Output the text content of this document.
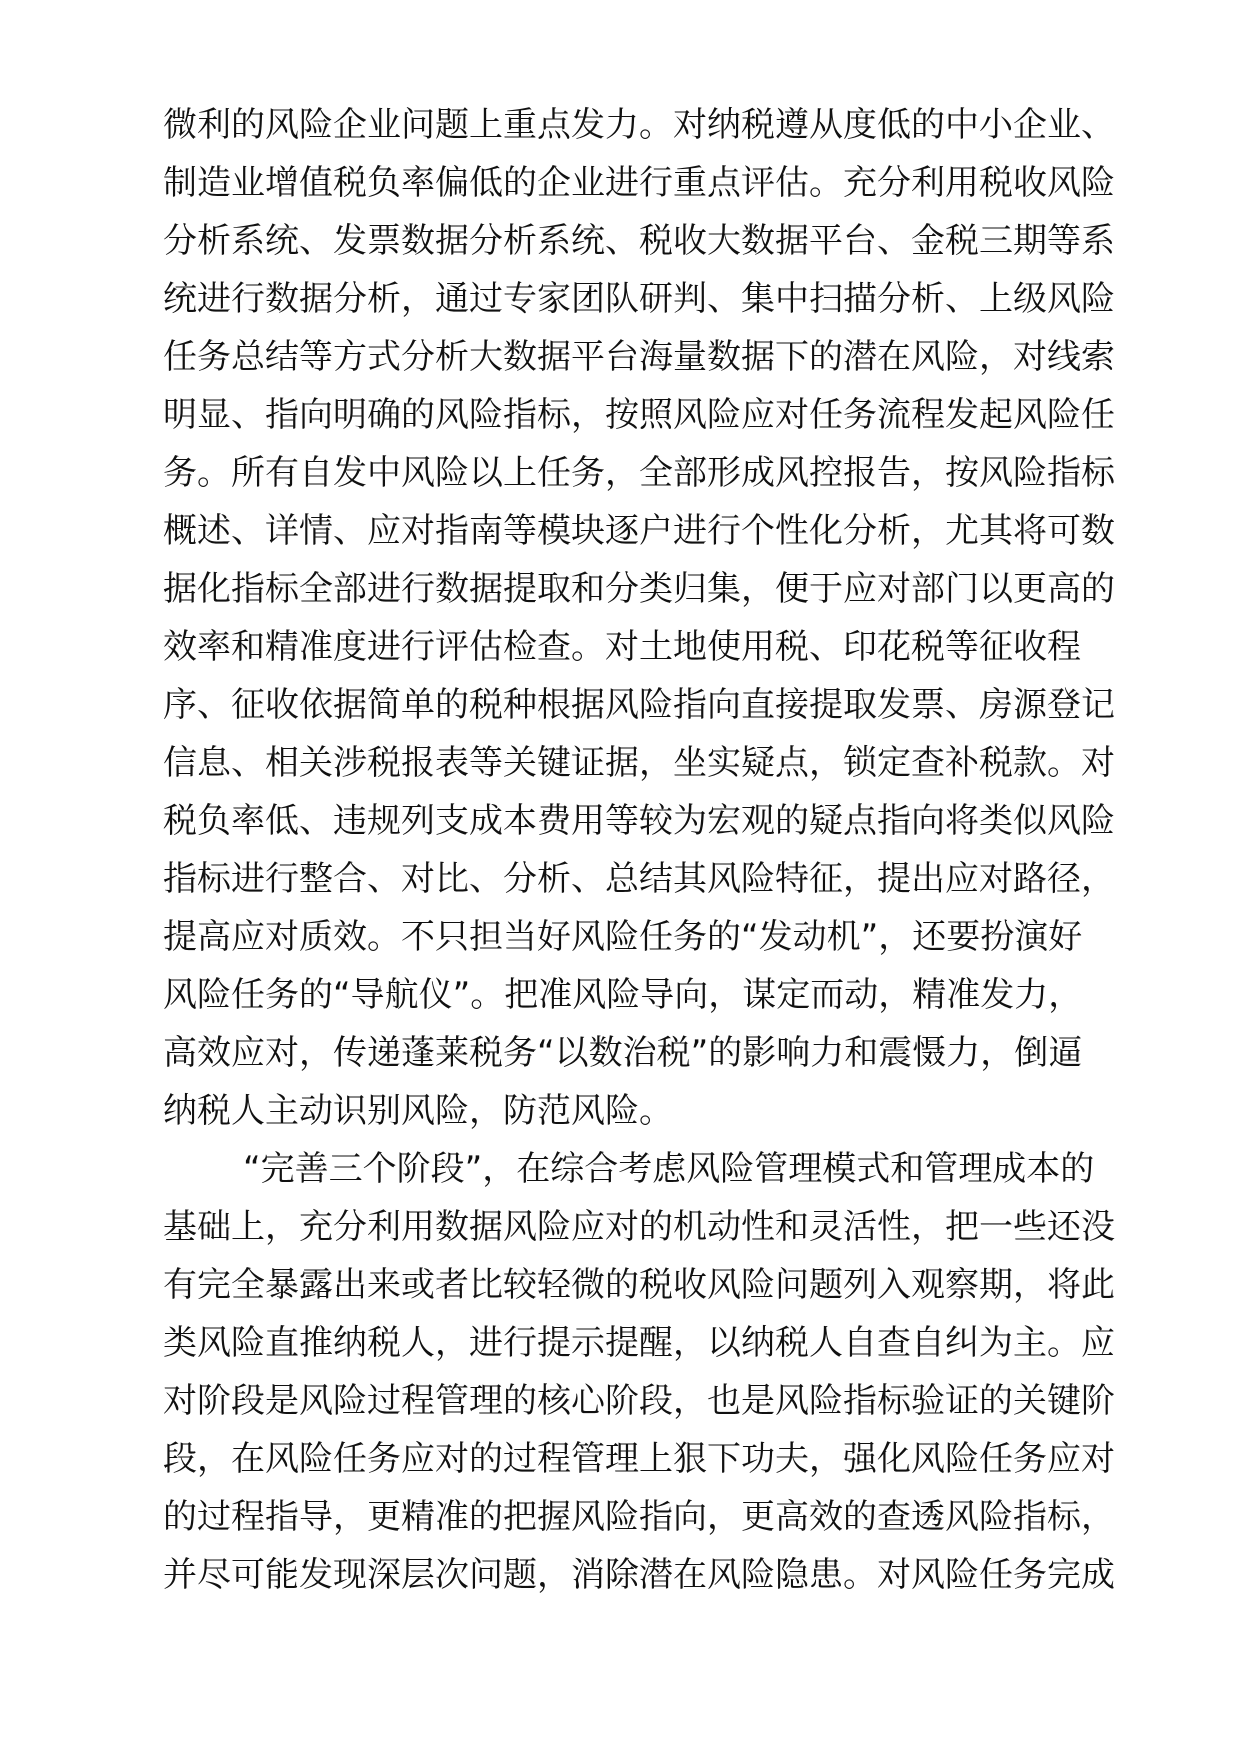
微利的风险企业问题上重点发力。对纳税遵从度低的中小企业、
制造业增值税负率偏低的企业进行重点评估。充分利用税收风险
分析系统、发票数据分析系统、税收大数据平台、金税三期等系
统进行数据分析，通过专家团队研判、集中扫描分析、上级风险
任务总结等方式分析大数据平台海量数据下的潜在风险，对线索
明显、指向明确的风险指标，按照风险应对任务流程发起风险任
务。所有自发中风险以上任务，全部形成风控报告，按风险指标
概述、详情、应对指南等模块逐户进行个性化分析，尤其将可数
据化指标全部进行数据提取和分类归集，便于应对部门以更高的
效率和精准度进行评估检查。对土地使用税、印花税等征收程
序、征收依据简单的税种根据风险指向直接提取发票、房源登记
信息、相关涉税报表等关键证据，坐实疑点，锁定查补税款。对
税负率低、违规列支成本费用等较为宏观的疑点指向将类似风险
指标进行整合、对比、分析、总结其风险特征，提出应对路径，
提高应对质效。不只担当好风险任务的“发动机”，还要扮演好
风险任务的“导航仪”。把准风险导向，谋定而动，精准发力，
高效应对，传递蓬莱税务“以数治税”的影响力和震慑力，倒逼
纳税人主动识别风险，防范风险。
“完善三个阶段”，在综合考虑风险管理模式和管理成本的
基础上，充分利用数据风险应对的机动性和灵活性，把一些还没
有完全暴露出来或者比较轻微的税收风险问题列入观察期，将此
类风险直推纳税人，进行提示提醒，以纳税人自查自纠为主。应
对阶段是风险过程管理的核心阶段，也是风险指标验证的关键阶
段，在风险任务应对的过程管理上狠下功夫，强化风险任务应对
的过程指导，更精准的把握风险指向，更高效的查透风险指标，
并尽可能发现深层次问题，消除潜在风险隐患。对风险任务完成
